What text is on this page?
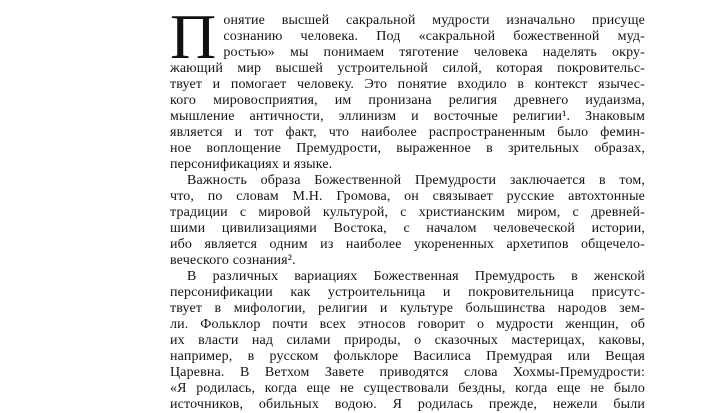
П онятие высшей сакральной мудрости изначально присуще
сознанию человека. Под «сакральной божественной муд-
ростью» мы понимаем тяготение человека наделять окру-
жающий мир высшей устроительной силой, которая покровительс-
твует и помогает человеку. Это понятие входило в контекст язычес-
кого мировосприятия, им пронизана религия древнего иудаизма,
мышление античности, эллинизм и восточные религии¹. Знаковым
является и тот факт, что наиболее распространенным было фемин-
ное воплощение Премудрости, выраженное в зрительных образах,
персонификациях и языке.
Важность образа Божественной Премудрости заключается в том,
что, по словам М.Н. Громова, он связывает русские автохтонные
традиции с мировой культурой, с христианским миром, с древней-
шими цивилизациями Востока, с началом человеческой истории,
ибо является одним из наиболее укорененных архетипов общечело-
веческого сознания².
В различных вариациях Божественная Премудрость в женской
персонификации как устроительница и покровительница присутс-
твует в мифологии, религии и культуре большинства народов зем-
ли. Фольклор почти всех этносов говорит о мудрости женщин, об
их власти над силами природы, о сказочных мастерицах, каковы,
например, в русском фольклоре Василиса Премудрая или Вещая
Царевна. В Ветхом Завете приводятся слова Хохмы-Премудрости:
«Я родилась, когда еще не существовали бездны, когда еще не было
источников, обильных водою. Я родилась прежде, нежели были
